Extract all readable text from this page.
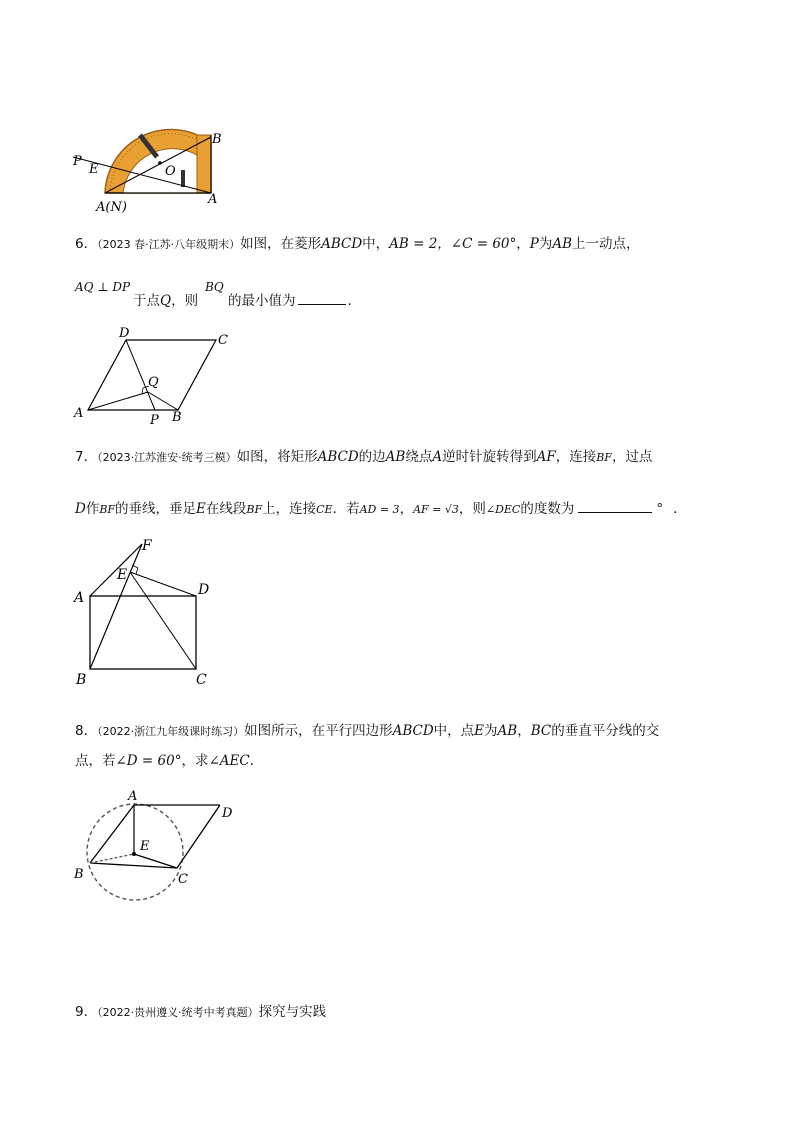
P
E	O
B
A
A(N)
6．（2023 春·江苏·八年级期末）如图，在菱形ABCD中，AB = 2，∠C = 60°，P为AB上一动点，
AQ ⊥ DP
于点Q，则
BQ
的最小值为	．
D	C
Q
A	P B
7．（2023·江苏淮安·统考三模）如图，将矩形ABCD的边AB绕点A逆时针旋转得到AF，连接BF，过点
D作BF的垂线，垂足E在线段BF上，连接CE．若AD = 3，AF = √3，则∠DEC的度数为	° ．
F
E
A	D
B	C
8．（2022·浙江九年级课时练习）如图所示，在平行四边形ABCD中，点E为AB，BC的垂直平分线的交
点，若∠D = 60°，求∠AEC．
A
D
E
B	C
9．（2022·贵州遵义·统考中考真题）探究与实践
